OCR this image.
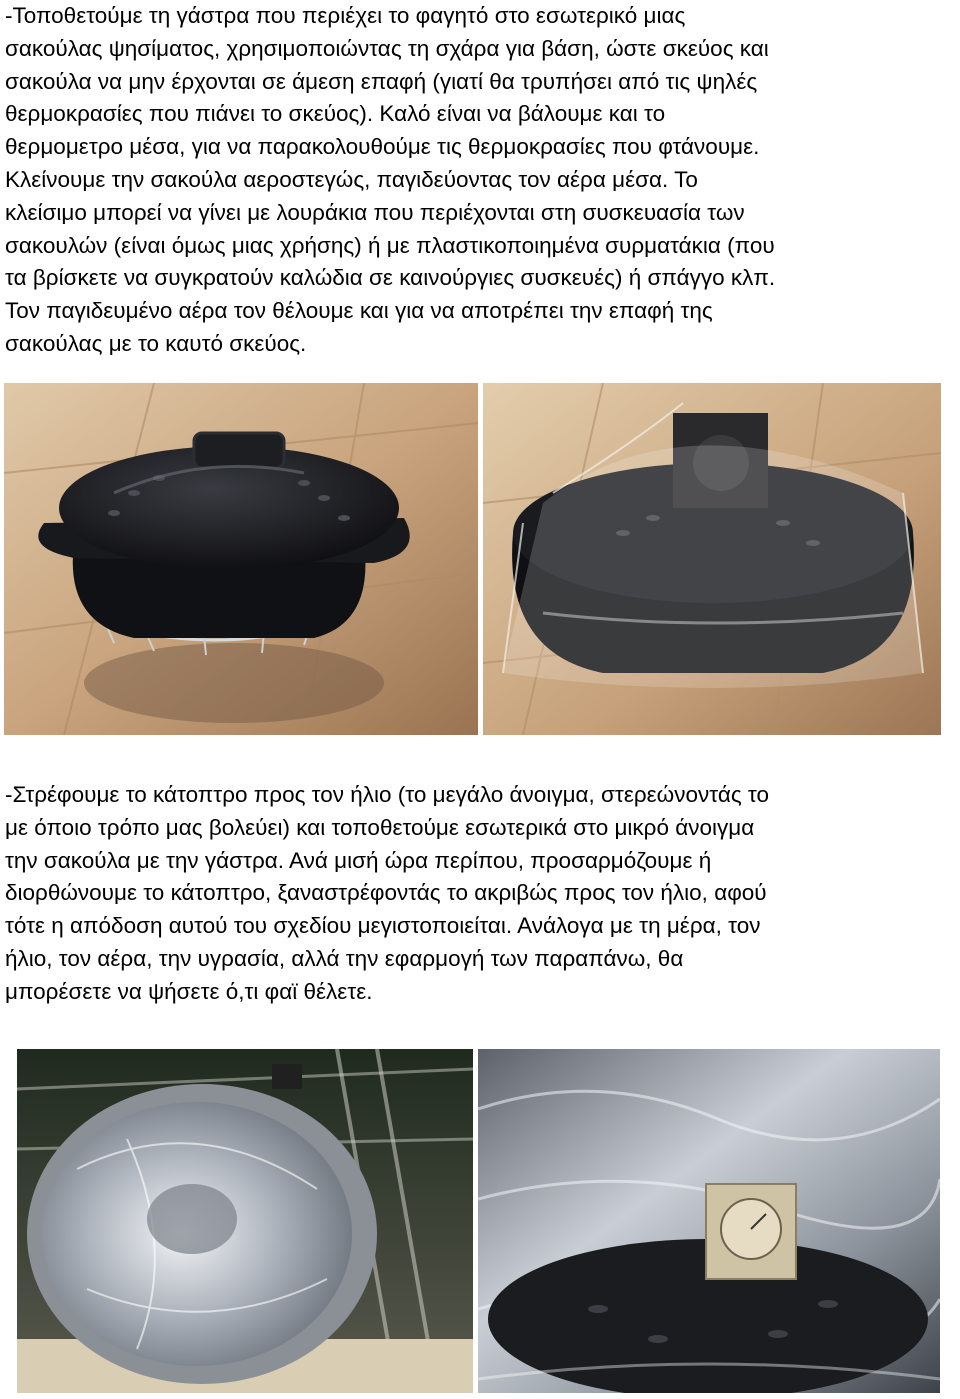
-Τοποθετούμε τη γάστρα που περιέχει το φαγητό στο εσωτερικό μιας
σακούλας ψησίματος, χρησιμοποιώντας τη σχάρα για βάση, ώστε σκεύος και
σακούλα να μην έρχονται σε άμεση επαφή (γιατί θα τρυπήσει από τις ψηλές
θερμοκρασίες που πιάνει το σκεύος). Καλό είναι να βάλουμε και το
θερμομετρο μέσα, για να παρακολουθούμε τις θερμοκρασίες που φτάνουμε.
Κλείνουμε την σακούλα αεροστεγώς, παγιδεύοντας τον αέρα μέσα. Το
κλείσιμο μπορεί να γίνει με λουράκια που περιέχονται στη συσκευασία των
σακουλών (είναι όμως μιας χρήσης) ή με πλαστικοποιημένα συρματάκια (που
τα βρίσκετε να συγκρατούν καλώδια σε καινούργιες συσκευές) ή σπάγγο κλπ.
Τον παγιδευμένο αέρα τον θέλουμε και για να αποτρέπει την επαφή της
σακούλας με το καυτό σκεύος.
-Στρέφουμε το κάτοπτρο προς τον ήλιο (το μεγάλο άνοιγμα, στερεώνοντάς το
με όποιο τρόπο μας βολεύει) και τοποθετούμε εσωτερικά στο μικρό άνοιγμα
την σακούλα με την γάστρα. Ανά μισή ώρα περίπου, προσαρμόζουμε ή
διορθώνουμε το κάτοπτρο, ξαναστρέφοντάς το ακριβώς προς τον ήλιο, αφού
τότε η απόδοση αυτού του σχεδίου μεγιστοποιείται. Ανάλογα με τη μέρα, τον
ήλιο, τον αέρα, την υγρασία, αλλά την εφαρμογή των παραπάνω, θα
μπορέσετε να ψήσετε ό,τι φαϊ θέλετε.
